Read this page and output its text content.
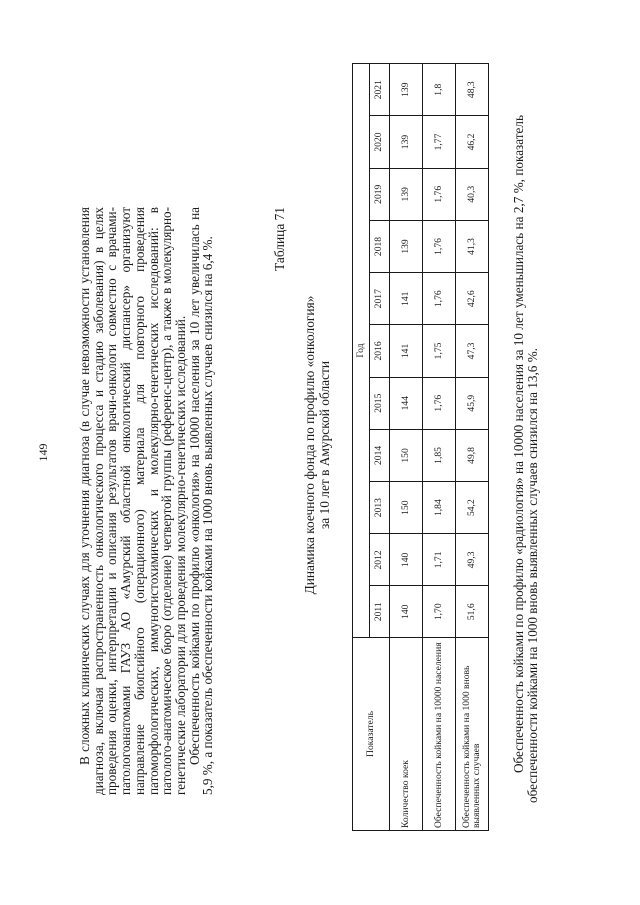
149 В сложных клинических случаях для уточнения диагноза (в случае невозможности установления диагноза, включая распространенность онкологического процесса и стадию заболевания) в целях проведения оценки, интерпретации и описания результатов врачи-онкологи совместно с врачами-патологоанатомами ГАУЗ АО «Амурский областной онкологический диспансер» организуют направление биопсийного (операционного) материала для повторного проведения патоморфологических, иммуногистохимических и молекулярно-генетических исследований: в патолого-анатомическое бюро (отделение) четвертой группы (референс-центр), а также в молекулярно-генетические лаборатории для проведения молекулярно-генетических исследований.

Обеспеченность койками по профилю «онкология» на 10000 населения за 10 лет увеличилась на 5,9 %, а показатель обеспеченности койками на 1000 вновь выявленных случаев снизился на 6,4 %.	Таблица 71
Динамика коечного фонда по профилю «онкология» за 10 лет в Амурской области
Показатель	Год										
	2011	2012	2013	2014	2015	2016	2017	2018	2019	2020	2021
Количество коек	140	140	150	150	144	141	141	139	139	139	139
Обеспеченность койками на 10000 населения	1,70	1,71	1,84	1,85	1,76	1,75	1,76	1,76	1,76	1,77	1,8
Обеспеченность койками на 1000 вновь выявленных случаев	51,6	49,3	54,2	49,8	45,9	47,3	42,6	41,3	40,3	46,2	48,3

Обеспеченность койками по профилю «радиология» на 10000 населения за 10 лет уменьшилась на 2,7 %, показатель обеспеченности койками на 1000 вновь выявленных случаев снизился на 13,6 %.
